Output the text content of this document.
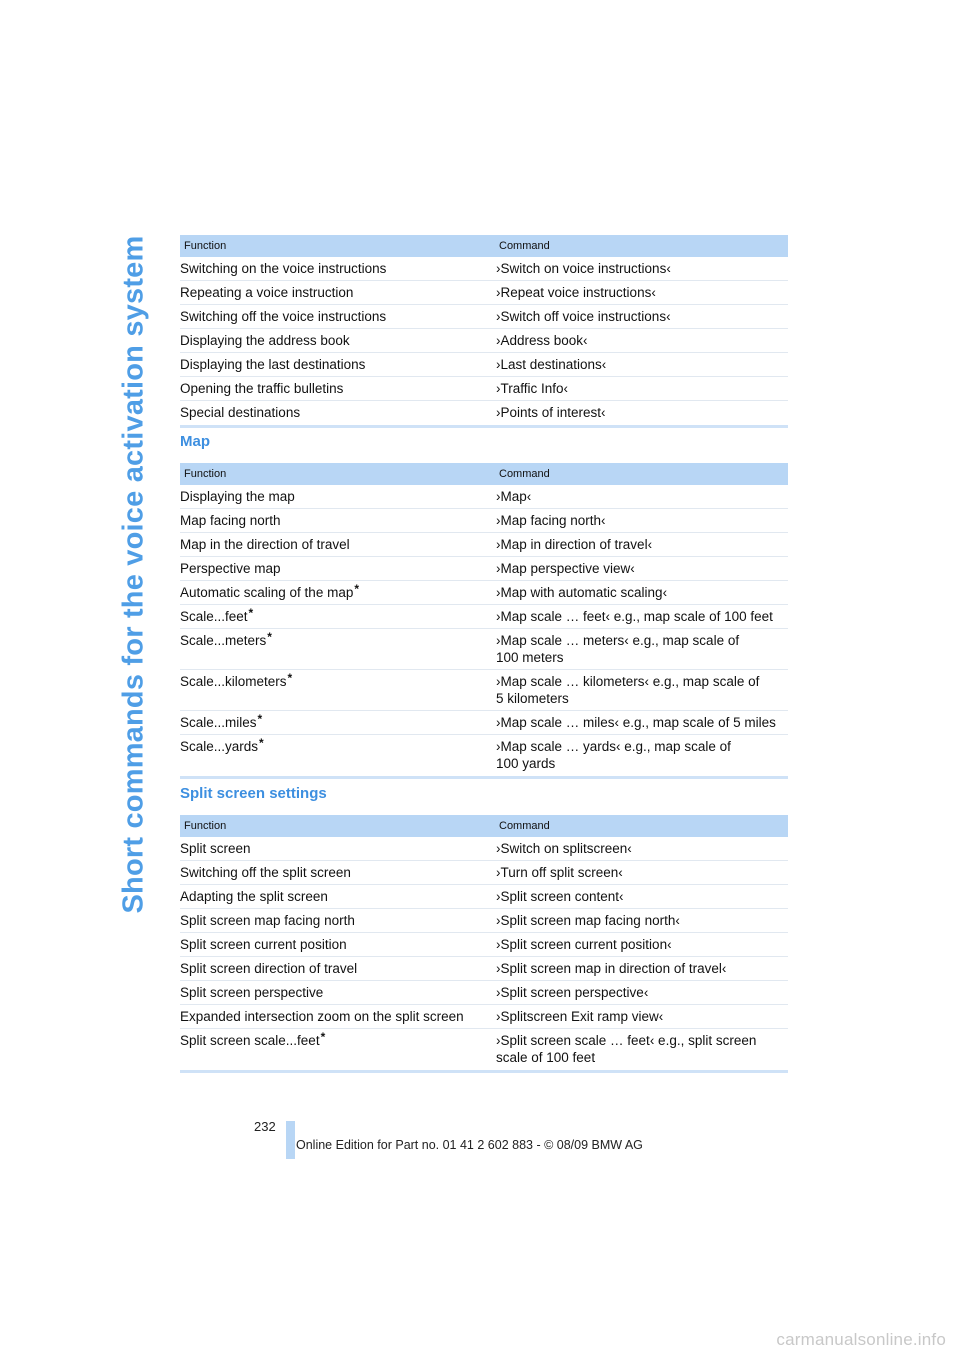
Short commands for the voice activation system	Function	Command
Switching on the voice instructions	›Switch on voice instructions‹

Repeating a voice instruction	›Repeat voice instructions‹

Switching off the voice instructions	›Switch off voice instructions‹

Displaying the address book	›Address book‹

Displaying the last destinations	›Last destinations‹

Opening the traffic bulletins	›Traffic Info‹

Special destinations	›Points of interest‹
Map
Function	Command
Displaying the map	›Map‹

Map facing north	›Map facing north‹

Map in the direction of travel	›Map in direction of travel‹

Perspective map	›Map perspective view‹

Automatic scaling of the map*	›Map with automatic scaling‹

Scale...feet*	›Map scale … feet‹ e.g., map scale of 100 feet

Scale...meters*	›Map scale … meters‹ e.g., map scale of
100 meters

Scale...kilometers*	›Map scale … kilometers‹ e.g., map scale of
5 kilometers

Scale...miles*	›Map scale … miles‹ e.g., map scale of 5 miles

Scale...yards*	›Map scale … yards‹ e.g., map scale of
100 yards
Split screen settings
Function	Command
Split screen	›Switch on splitscreen‹

Switching off the split screen	›Turn off split screen‹

Adapting the split screen	›Split screen content‹

Split screen map facing north	›Split screen map facing north‹

Split screen current position	›Split screen current position‹

Split screen direction of travel	›Split screen map in direction of travel‹

Split screen perspective	›Split screen perspective‹

Expanded intersection zoom on the split screen	›Splitscreen Exit ramp view‹

Split screen scale...feet*	›Split screen scale … feet‹ e.g., split screen
scale of 100 feet
232
Online Edition for Part no. 01 41 2 602 883 - © 08/09 BMW AG
carmanualsonline.info
